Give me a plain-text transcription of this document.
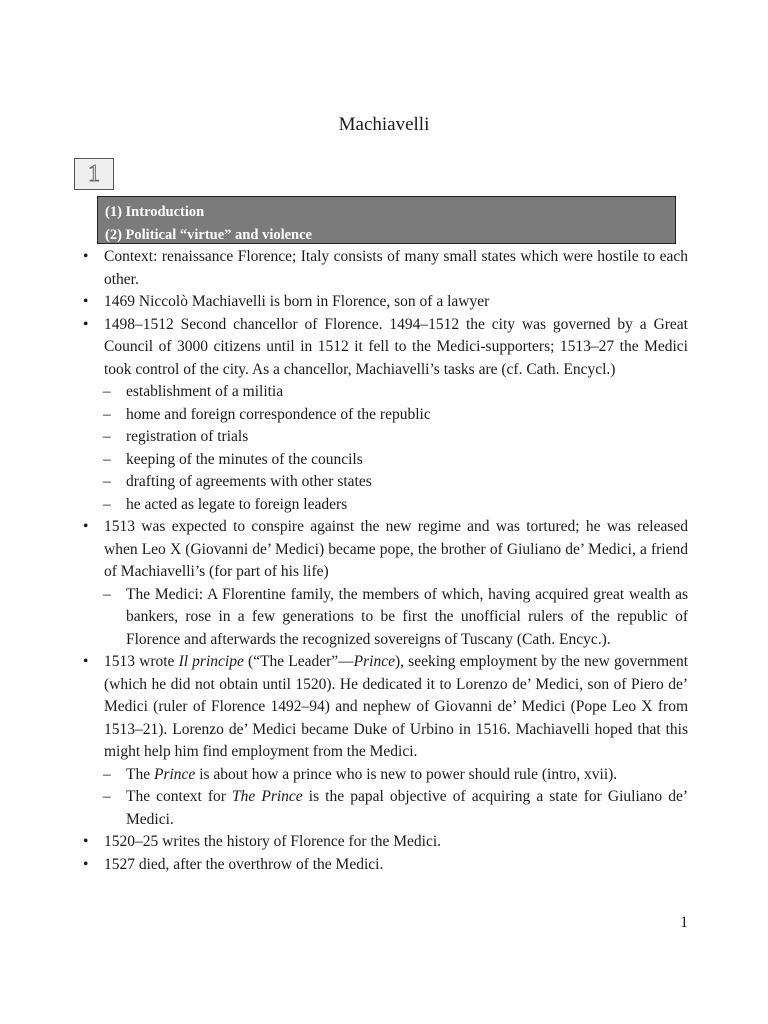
Machiavelli
1
(1) Introduction
(2) Political “virtue” and violence
• Context: renaissance Florence; Italy consists of many small states which were hostile to each other.
• 1469 Niccolò Machiavelli is born in Florence, son of a lawyer
• 1498–1512 Second chancellor of Florence. 1494–1512 the city was governed by a Great Council of 3000 citizens until in 1512 it fell to the Medici-supporters; 1513–27 the Medici took control of the city. As a chancellor, Machiavelli’s tasks are (cf. Cath. Encycl.)
– establishment of a militia
– home and foreign correspondence of the republic
– registration of trials
– keeping of the minutes of the councils
– drafting of agreements with other states
– he acted as legate to foreign leaders
• 1513 was expected to conspire against the new regime and was tortured; he was released when Leo X (Giovanni de’ Medici) became pope, the brother of Giuliano de’ Medici, a friend of Machiavelli’s (for part of his life)
– The Medici: A Florentine family, the members of which, having acquired great wealth as bankers, rose in a few generations to be first the unofficial rulers of the republic of Florence and afterwards the recognized sovereigns of Tuscany (Cath. Encyc.).
• 1513 wrote Il principe (“The Leader”—Prince), seeking employment by the new government (which he did not obtain until 1520). He dedicated it to Lorenzo de’ Medici, son of Piero de’ Medici (ruler of Florence 1492–94) and nephew of Giovanni de’ Medici (Pope Leo X from 1513–21). Lorenzo de’ Medici became Duke of Urbino in 1516. Machiavelli hoped that this might help him find employment from the Medici.
– The Prince is about how a prince who is new to power should rule (intro, xvii).
– The context for The Prince is the papal objective of acquiring a state for Giuliano de’ Medici.
• 1520–25 writes the history of Florence for the Medici.
• 1527 died, after the overthrow of the Medici.
1
